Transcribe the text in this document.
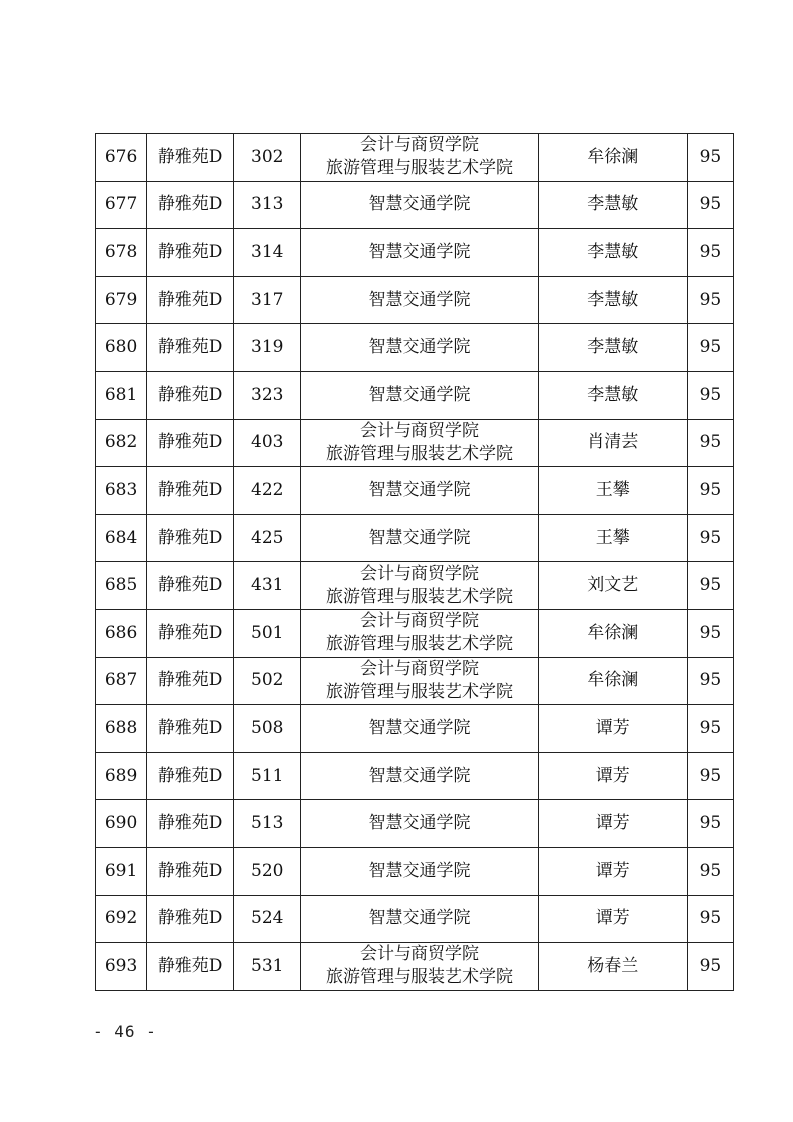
676	静雅苑D	302	会计与商贸学院
旅游管理与服装艺术学院	牟徐澜	95
677	静雅苑D	313	智慧交通学院	李慧敏	95
678	静雅苑D	314	智慧交通学院	李慧敏	95
679	静雅苑D	317	智慧交通学院	李慧敏	95
680	静雅苑D	319	智慧交通学院	李慧敏	95
681	静雅苑D	323	智慧交通学院	李慧敏	95
682	静雅苑D	403	会计与商贸学院
旅游管理与服装艺术学院	肖清芸	95
683	静雅苑D	422	智慧交通学院	王攀	95
684	静雅苑D	425	智慧交通学院	王攀	95
685	静雅苑D	431	会计与商贸学院
旅游管理与服装艺术学院	刘文艺	95
686	静雅苑D	501	会计与商贸学院
旅游管理与服装艺术学院	牟徐澜	95
687	静雅苑D	502	会计与商贸学院
旅游管理与服装艺术学院	牟徐澜	95
688	静雅苑D	508	智慧交通学院	谭芳	95
689	静雅苑D	511	智慧交通学院	谭芳	95
690	静雅苑D	513	智慧交通学院	谭芳	95
691	静雅苑D	520	智慧交通学院	谭芳	95
692	静雅苑D	524	智慧交通学院	谭芳	95
693	静雅苑D	531	会计与商贸学院
旅游管理与服装艺术学院	杨春兰	95
- 46 -
